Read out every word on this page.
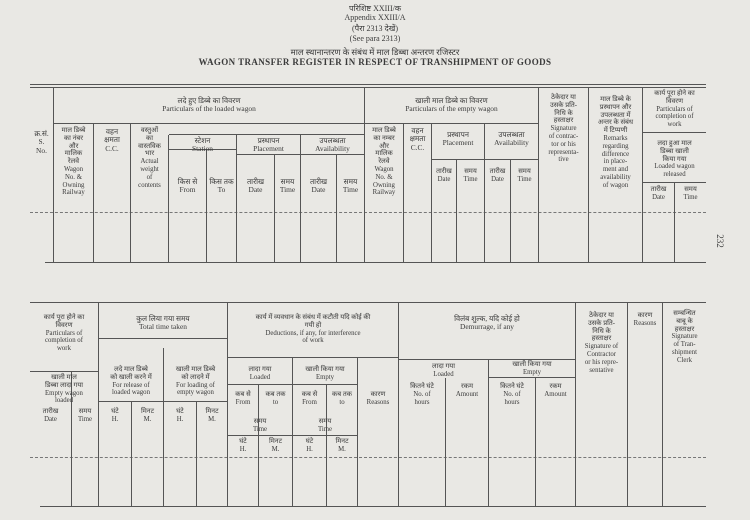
परिशिष्ट XXIII/क
Appendix XXIII/A
(पैरा 2313 देखें)
(See para 2313)
माल स्थानान्तरण के संबंध में माल डिब्बा अन्तरण रजिस्टर
WAGON TRANSFER REGISTER IN RESPECT OF TRANSHIPMENT OF GOODS
232
क्र.सं.
S.
No.
लदे हुए डिब्बे का विवरण
Particulars of the loaded wagon
माल डिब्बे
का नंबर
और
मालिक
रेलवे
Wagon
No. &
Owning
Railway
वहन
क्षमता
C.C.
वस्तुओं
का
वास्तविक
भार
Actual
weight
of
contents
स्टेशन
Station
किस से
From
किस तक
To
प्रस्थापन
Placement
तारीख
Date
समय
Time
उपलब्धता
Availability
तारीख
Date
समय
Time
खाली माल डिब्बे का विवरण
Particulars of the empty wagon
माल डिब्बे
का नम्बर
और
मालिक
रेलवे
Wagon
No. &
Owning
Railway
वहन
क्षमता
C.C.
प्रस्थापन
Placement
तारीख
Date
समय
Time
उपलब्धता
Availability
तारीख
Date
समय
Time
ठेकेदार या
उसके प्रति-
निधि के
हस्ताक्षर
Signature
of contrac-
tor or his
representa-
tive
माल डिब्बे के
प्रस्थापन और
उपलब्धता में
अन्तर के संबंध
में टिप्पणी
Remarks
regarding
difference
in place-
ment and
availability
of wagon
कार्य पूरा होने का
विवरण
Particulars of
completion of
work
लदा हुआ माल
डिब्बा खाली
किया गया
Loaded wagon
released
तारीख
Date
समय
Time
कार्य पूरा होने का
विवरण
Particulars of
completion of
work
खाली माल
डिब्बा लादा गया
Empty wagon
loaded
तारीख
Date
समय
Time
कुल लिया गया समय
Total time taken
लदे माल डिब्बे
को खाली करने में
For release of
loaded wagon
खाली माल डिब्बे
को लादने में
For loading of
empty wagon
घंटे
H.
मिनट
M.
घंटे
H.
मिनट
M.
कार्य में व्यवधान के संबंध में कटौती यदि कोई की
गयी हो
Deductions, if any, for interference
of work
लादा गया
Loaded
खाली किया गया
Empty
कब से
From
कब तक
to
कब से
From
कब तक
to
समय
Time
समय
Time
घंटे
H.
मिनट
M.
घंटे
H.
मिनट
M.
कारण
Reasons
विलंब शुल्क, यदि कोई हो
Demurrage, if any
लादा गया
Loaded
खाली किया गया
Empty
कितने घंटे
No. of
hours
रकम
Amount
कितने घंटे
No. of
hours
रकम
Amount
ठेकेदार या
उसके प्रति-
निधि के
हस्ताक्षर
Signature of
Contractor
or his repre-
sentative
कारण
Reasons
सम्बन्धित
बाबू के
हस्ताक्षर
Signature
of Tran-
shipment
Clerk
